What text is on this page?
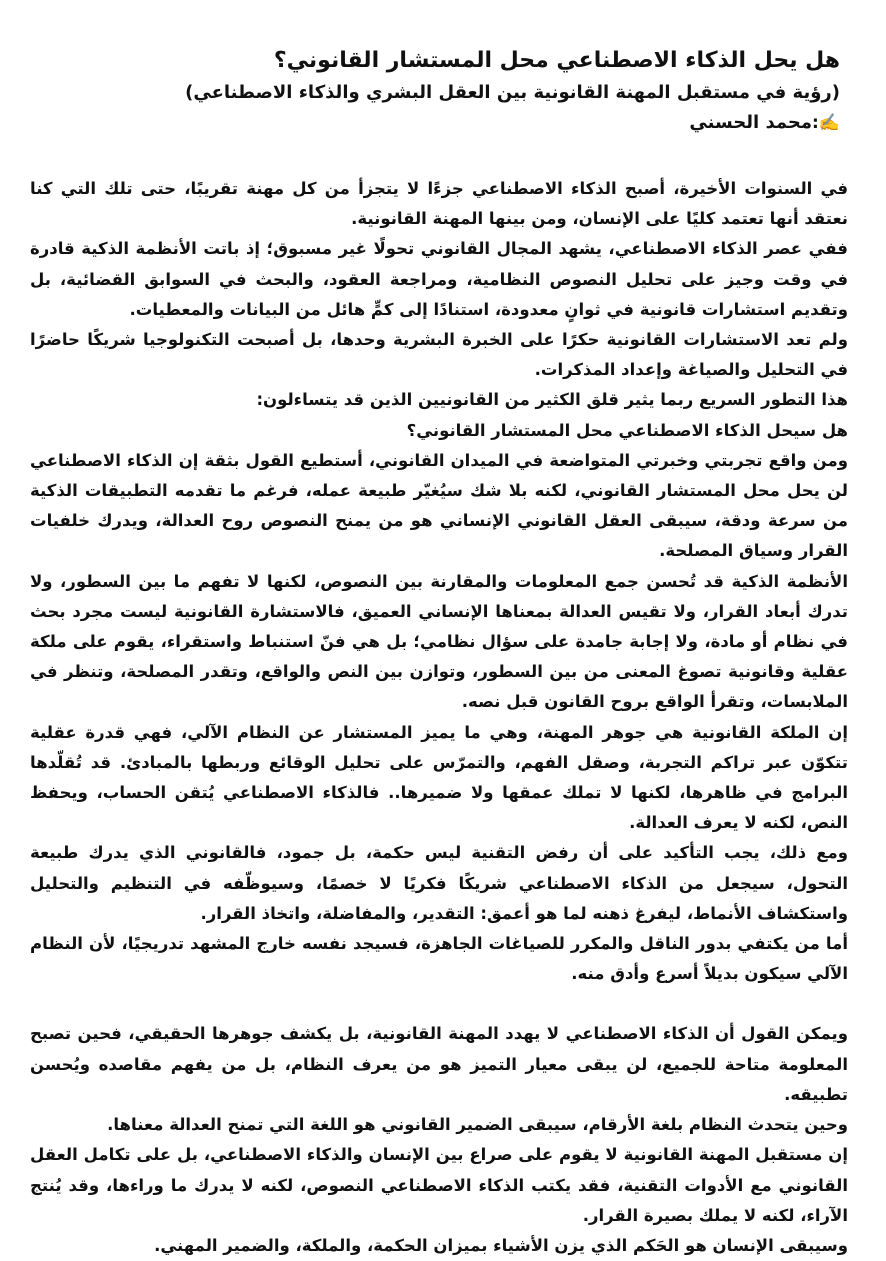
هل يحل الذكاء الاصطناعي محل المستشار القانوني؟

(رؤية في مستقبل المهنة القانونية بين العقل البشري والذكاء الاصطناعي)

✍️:محمد الحسني

في السنوات الأخيرة، أصبح الذكاء الاصطناعي جزءًا لا يتجزأ من كل مهنة تقريبًا، حتى تلك التي كنا نعتقد أنها تعتمد كليًا على الإنسان، ومن بينها المهنة القانونية.

ففي عصر الذكاء الاصطناعي، يشهد المجال القانوني تحولًا غير مسبوق؛ إذ باتت الأنظمة الذكية قادرة في وقت وجيز على تحليل النصوص النظامية، ومراجعة العقود، والبحث في السوابق القضائية، بل وتقديم استشارات قانونية في ثوانٍ معدودة، استنادًا إلى كمٍّ هائل من البيانات والمعطيات.

ولم تعد الاستشارات القانونية حكرًا على الخبرة البشرية وحدها، بل أصبحت التكنولوجيا شريكًا حاضرًا في التحليل والصياغة وإعداد المذكرات.

هذا التطور السريع ربما يثير قلق الكثير من القانونيين الذين قد يتساءلون:

هل سيحل الذكاء الاصطناعي محل المستشار القانوني؟

ومن واقع تجربتي وخبرتي المتواضعة في الميدان القانوني، أستطيع القول بثقة إن الذكاء الاصطناعي لن يحل محل المستشار القانوني، لكنه بلا شك سيُغيّر طبيعة عمله، فرغم ما تقدمه التطبيقات الذكية من سرعة ودقة، سيبقى العقل القانوني الإنساني هو من يمنح النصوص روح العدالة، ويدرك خلفيات القرار وسياق المصلحة.

الأنظمة الذكية قد تُحسن جمع المعلومات والمقارنة بين النصوص، لكنها لا تفهم ما بين السطور، ولا تدرك أبعاد القرار، ولا تقيس العدالة بمعناها الإنساني العميق، فالاستشارة القانونية ليست مجرد بحث في نظام أو مادة، ولا إجابة جامدة على سؤال نظامي؛ بل هي فنّ استنباط واستقراء، يقوم على ملكة عقلية وقانونية تصوغ المعنى من بين السطور، وتوازن بين النص والواقع، وتقدر المصلحة، وتنظر في الملابسات، وتقرأ الواقع بروح القانون قبل نصه.

إن الملكة القانونية هي جوهر المهنة، وهي ما يميز المستشار عن النظام الآلي، فهي قدرة عقلية تتكوّن عبر تراكم التجربة، وصقل الفهم، والتمرّس على تحليل الوقائع وربطها بالمبادئ. قد تُقلّدها البرامج في ظاهرها، لكنها لا تملك عمقها ولا ضميرها.. فالذكاء الاصطناعي يُتقن الحساب، ويحفظ النص، لكنه لا يعرف العدالة.

ومع ذلك، يجب التأكيد على أن رفض التقنية ليس حكمة، بل جمود، فالقانوني الذي يدرك طبيعة التحول، سيجعل من الذكاء الاصطناعي شريكًا فكريًا لا خصمًا، وسيوظّفه في التنظيم والتحليل واستكشاف الأنماط، ليفرغ ذهنه لما هو أعمق: التقدير، والمفاضلة، واتخاذ القرار.

أما من يكتفي بدور الناقل والمكرر للصياغات الجاهزة، فسيجد نفسه خارج المشهد تدريجيًا، لأن النظام الآلي سيكون بديلاً أسرع وأدق منه.

ويمكن القول أن الذكاء الاصطناعي لا يهدد المهنة القانونية، بل يكشف جوهرها الحقيقي، فحين تصبح المعلومة متاحة للجميع، لن يبقى معيار التميز هو من يعرف النظام، بل من يفهم مقاصده ويُحسن تطبيقه.

وحين يتحدث النظام بلغة الأرقام، سيبقى الضمير القانوني هو اللغة التي تمنح العدالة معناها.

إن مستقبل المهنة القانونية لا يقوم على صراع بين الإنسان والذكاء الاصطناعي، بل على تكامل العقل القانوني مع الأدوات التقنية، فقد يكتب الذكاء الاصطناعي النصوص، لكنه لا يدرك ما وراءها، وقد يُنتج الآراء، لكنه لا يملك بصيرة القرار.

وسيبقى الإنسان هو الحَكم الذي يزن الأشياء بميزان الحكمة، والملكة، والضمير المهني.
